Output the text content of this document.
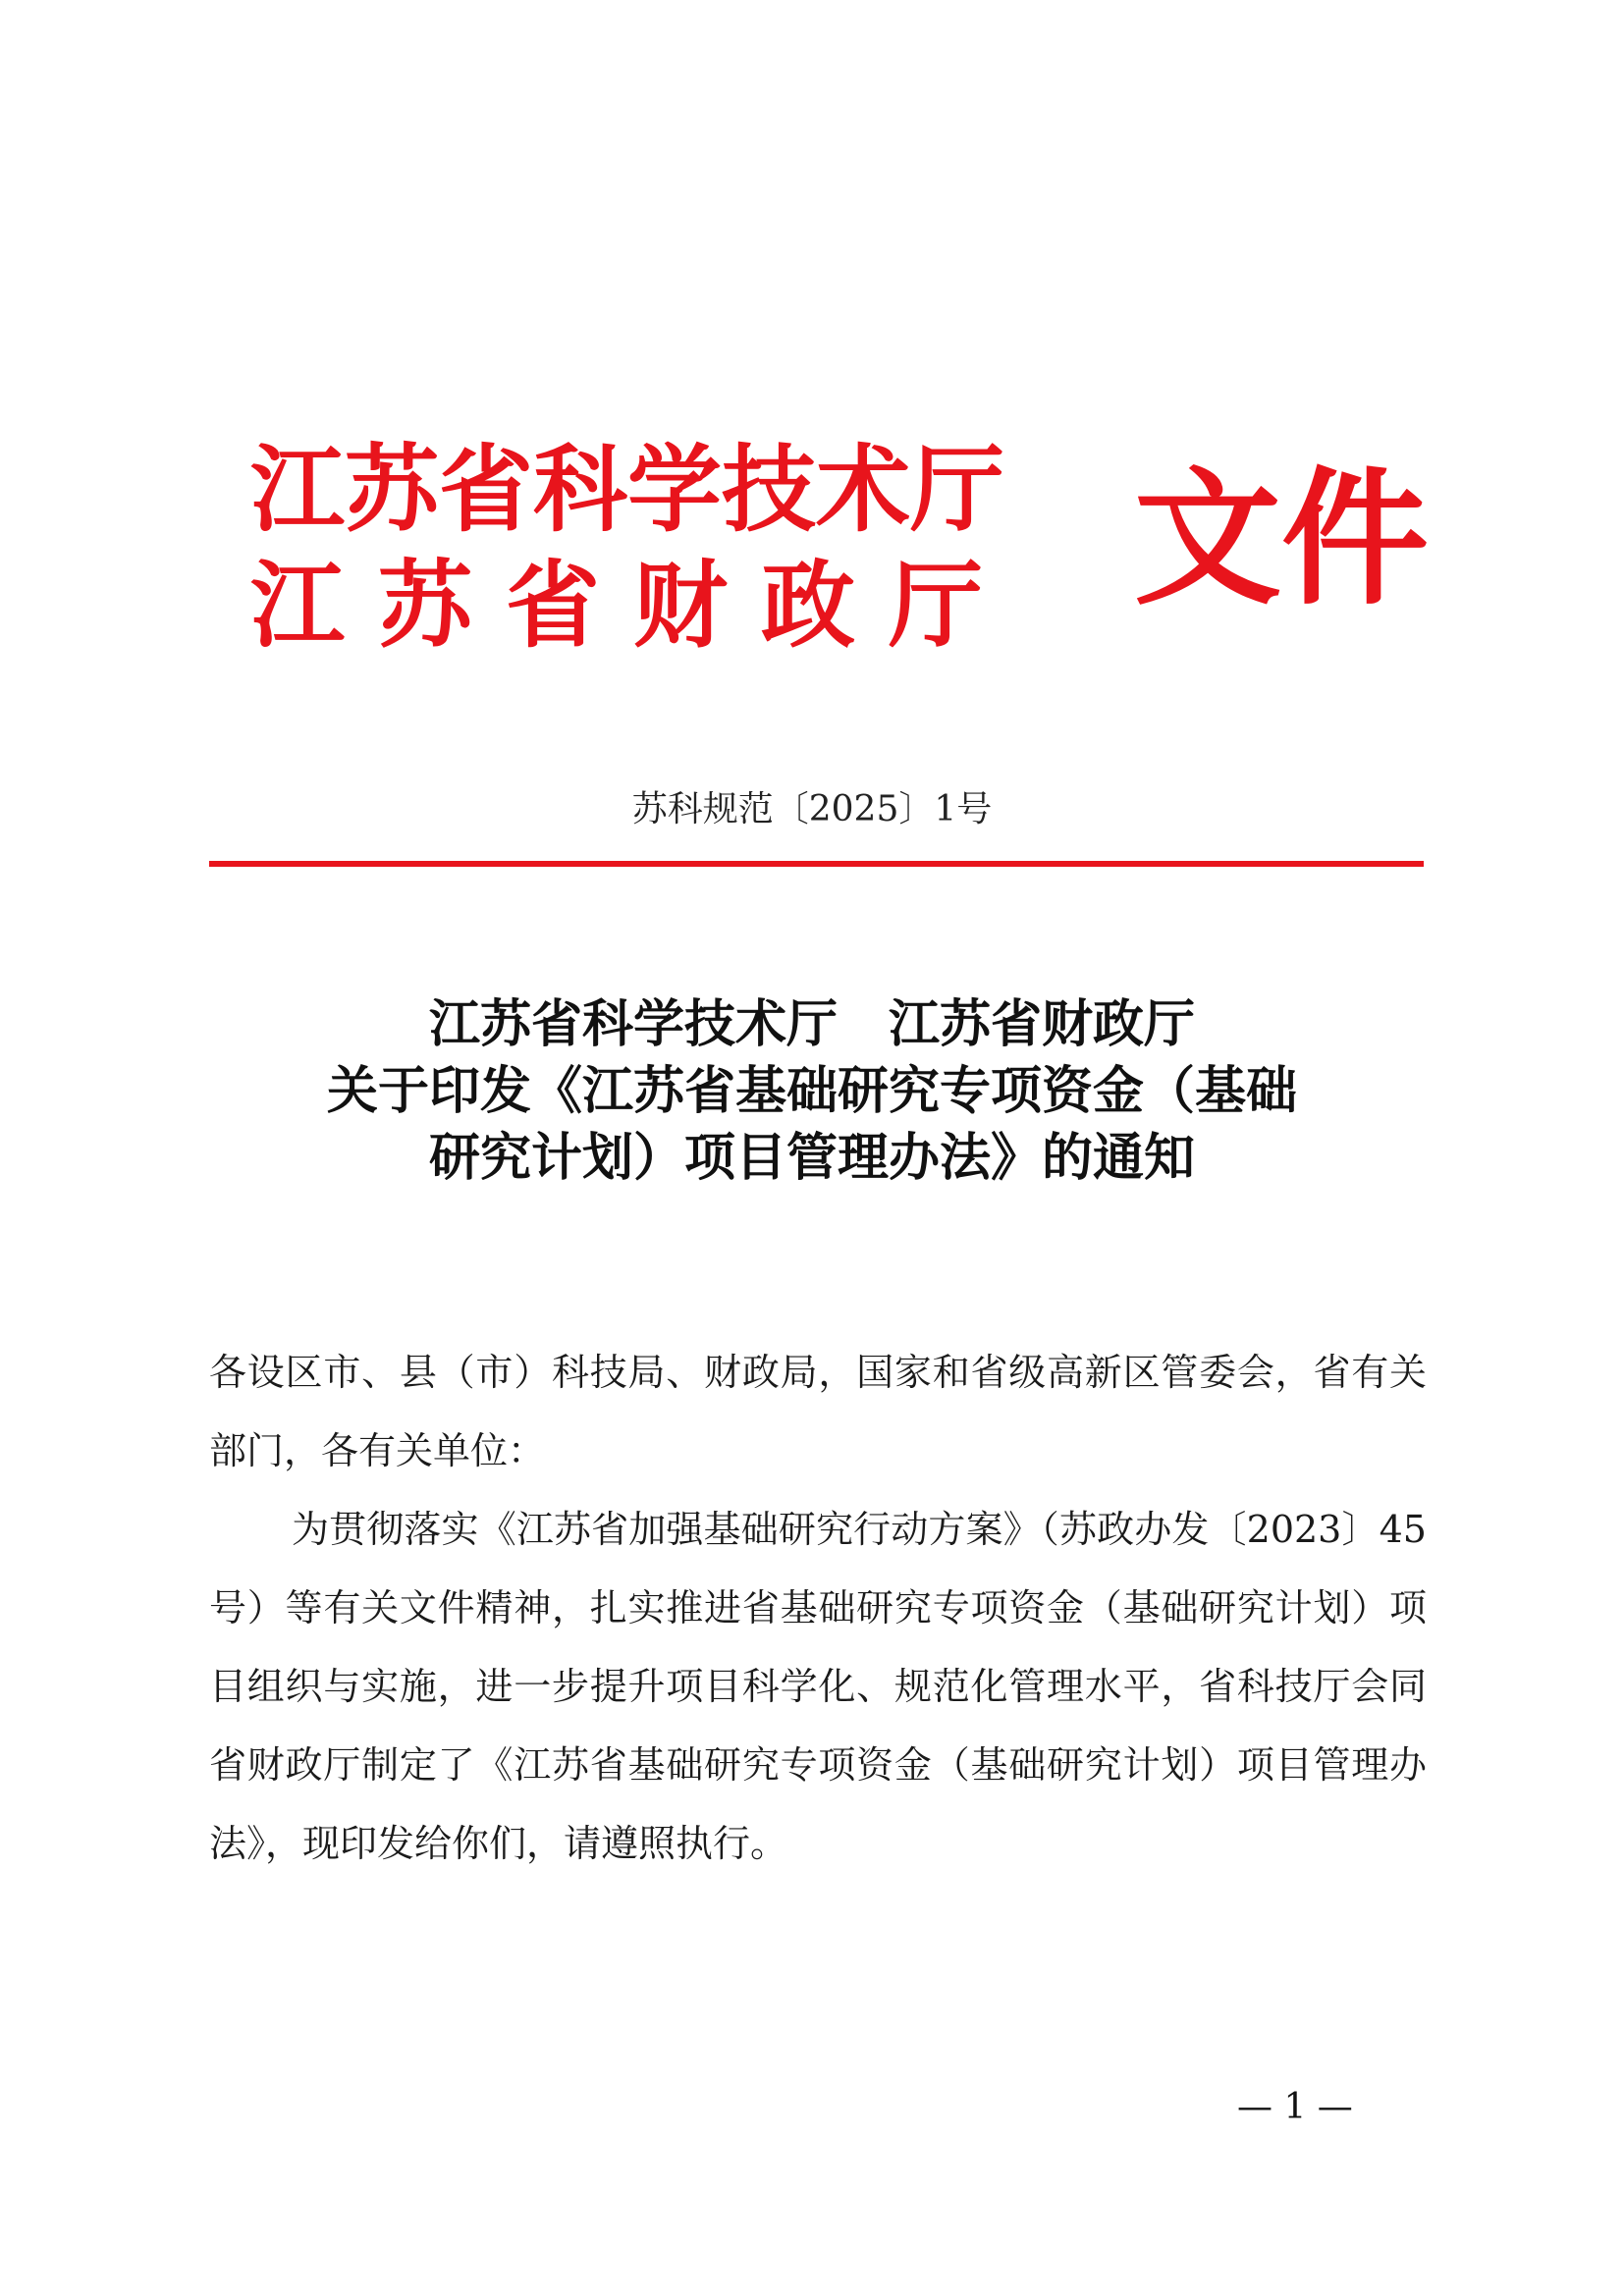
江苏省科学技术厅
江苏省财政厅 文件
苏科规范〔2025〕1号
江苏省科学技术厅　江苏省财政厅
关于印发《江苏省基础研究专项资金（基础
研究计划）项目管理办法》的通知

各设区市、县（市）科技局、财政局，国家和省级高新区管委会，省有关部门，各有关单位：

为贯彻落实《江苏省加强基础研究行动方案》（苏政办发〔2023〕45号）等有关文件精神，扎实推进省基础研究专项资金（基础研究计划）项目组织与实施，进一步提升项目科学化、规范化管理水平，省科技厅会同省财政厅制定了《江苏省基础研究专项资金（基础研究计划）项目管理办法》，现印发给你们，请遵照执行。

— 1 —
